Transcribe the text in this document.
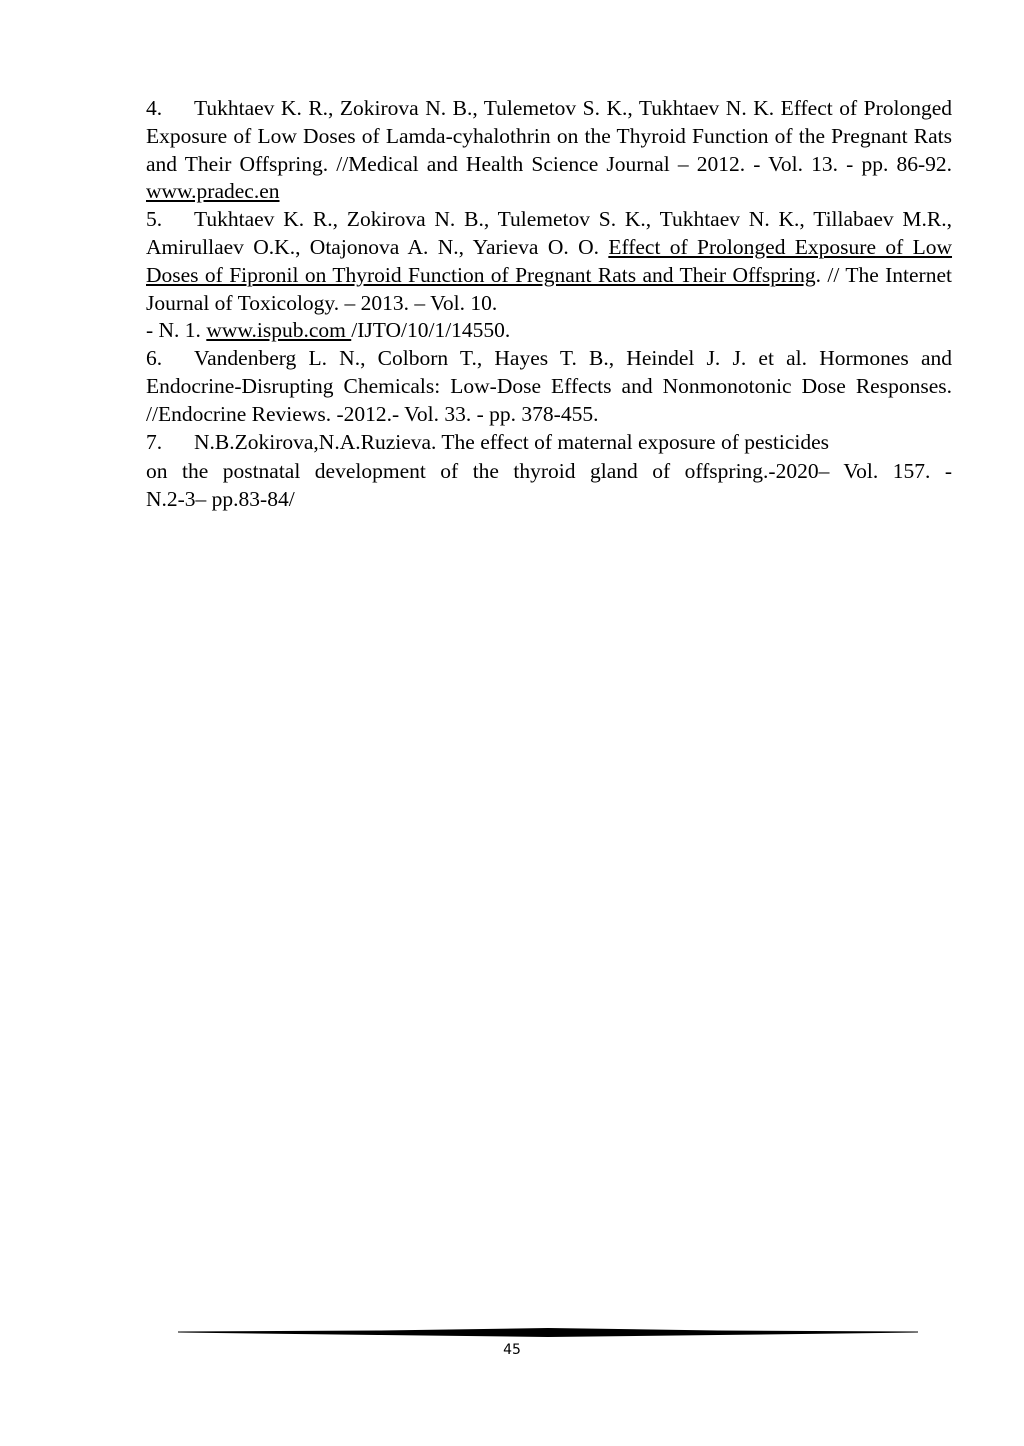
4. Tukhtaev K. R., Zokirova N. B., Tulemetov S. K., Tukhtaev N. K. Effect of Prolonged Exposure of Low Doses of Lamda-cyhalothrin on the Thyroid Function of the Pregnant Rats and Their Offspring. //Medical and Health Science Journal – 2012. - Vol. 13. - pp. 86-92. www.pradec.en

5. Tukhtaev K. R., Zokirova N. B., Tulemetov S. K., Tukhtaev N. K., Tillabaev M.R., Amirullaev O.K., Otajonova A. N., Yarieva O. O. Effect of Prolonged Exposure of Low Doses of Fipronil on Thyroid Function of Pregnant Rats and Their Offspring. // The Internet Journal of Toxicology. – 2013. – Vol. 10.
- N. 1. www.ispub.com /IJTO/10/1/14550.

6. Vandenberg L. N., Colborn T., Hayes T. B., Heindel J. J. et al. Hormones and Endocrine-Disrupting Chemicals: Low-Dose Effects and Nonmonotonic Dose Responses. //Endocrine Reviews. -2012.- Vol. 33. - pp. 378-455.

7. N.B.Zokirova,N.A.Ruzieva. The effect of maternal exposure of pesticides
on the postnatal development of the thyroid gland of offspring.-2020– Vol. 157. -
N.2-3– pp.83-84/

45
